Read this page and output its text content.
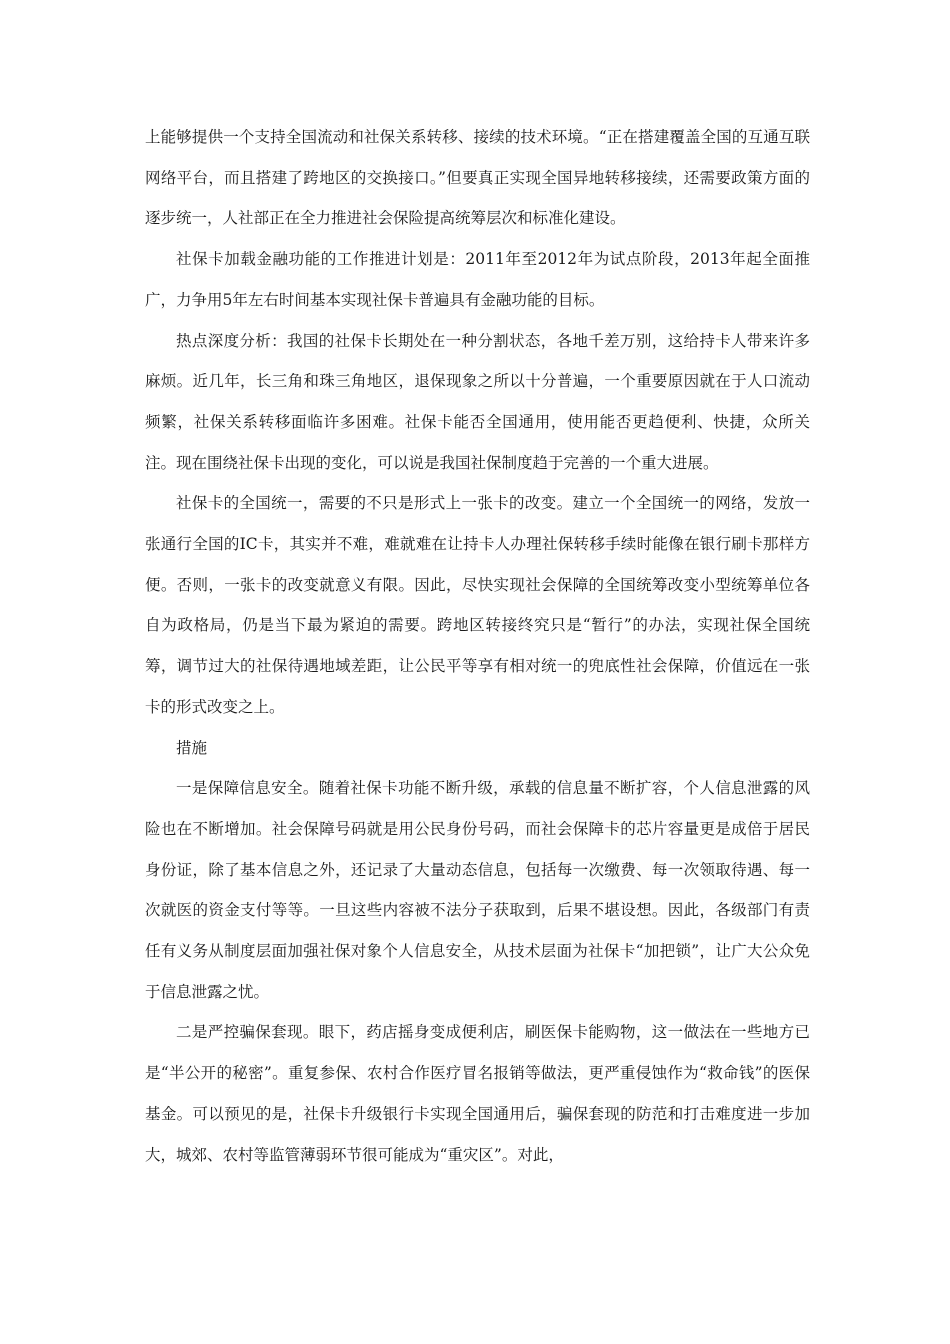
上能够提供一个支持全国流动和社保关系转移、接续的技术环境。“正在搭建覆盖全国的互通互联网络平台，而且搭建了跨地区的交换接口。”但要真正实现全国异地转移接续，还需要政策方面的逐步统一，人社部正在全力推进社会保险提高统筹层次和标准化建设。

社保卡加载金融功能的工作推进计划是：2011年至2012年为试点阶段，2013年起全面推广，力争用5年左右时间基本实现社保卡普遍具有金融功能的目标。

热点深度分析：我国的社保卡长期处在一种分割状态，各地千差万别，这给持卡人带来许多麻烦。近几年，长三角和珠三角地区，退保现象之所以十分普遍，一个重要原因就在于人口流动频繁，社保关系转移面临许多困难。社保卡能否全国通用，使用能否更趋便利、快捷，众所关注。现在围绕社保卡出现的变化，可以说是我国社保制度趋于完善的一个重大进展。

社保卡的全国统一，需要的不只是形式上一张卡的改变。建立一个全国统一的网络，发放一张通行全国的IC卡，其实并不难，难就难在让持卡人办理社保转移手续时能像在银行刷卡那样方便。否则，一张卡的改变就意义有限。因此，尽快实现社会保障的全国统筹改变小型统筹单位各自为政格局，仍是当下最为紧迫的需要。跨地区转接终究只是“暂行”的办法，实现社保全国统筹，调节过大的社保待遇地域差距，让公民平等享有相对统一的兜底性社会保障，价值远在一张卡的形式改变之上。

措施

一是保障信息安全。随着社保卡功能不断升级，承载的信息量不断扩容，个人信息泄露的风险也在不断增加。社会保障号码就是用公民身份号码，而社会保障卡的芯片容量更是成倍于居民身份证，除了基本信息之外，还记录了大量动态信息，包括每一次缴费、每一次领取待遇、每一次就医的资金支付等等。一旦这些内容被不法分子获取到，后果不堪设想。因此，各级部门有责任有义务从制度层面加强社保对象个人信息安全，从技术层面为社保卡“加把锁”，让广大公众免于信息泄露之忧。

二是严控骗保套现。眼下，药店摇身变成便利店，刷医保卡能购物，这一做法在一些地方已是“半公开的秘密”。重复参保、农村合作医疗冒名报销等做法，更严重侵蚀作为“救命钱”的医保基金。可以预见的是，社保卡升级银行卡实现全国通用后，骗保套现的防范和打击难度进一步加大，城郊、农村等监管薄弱环节很可能成为“重灾区”。对此，
